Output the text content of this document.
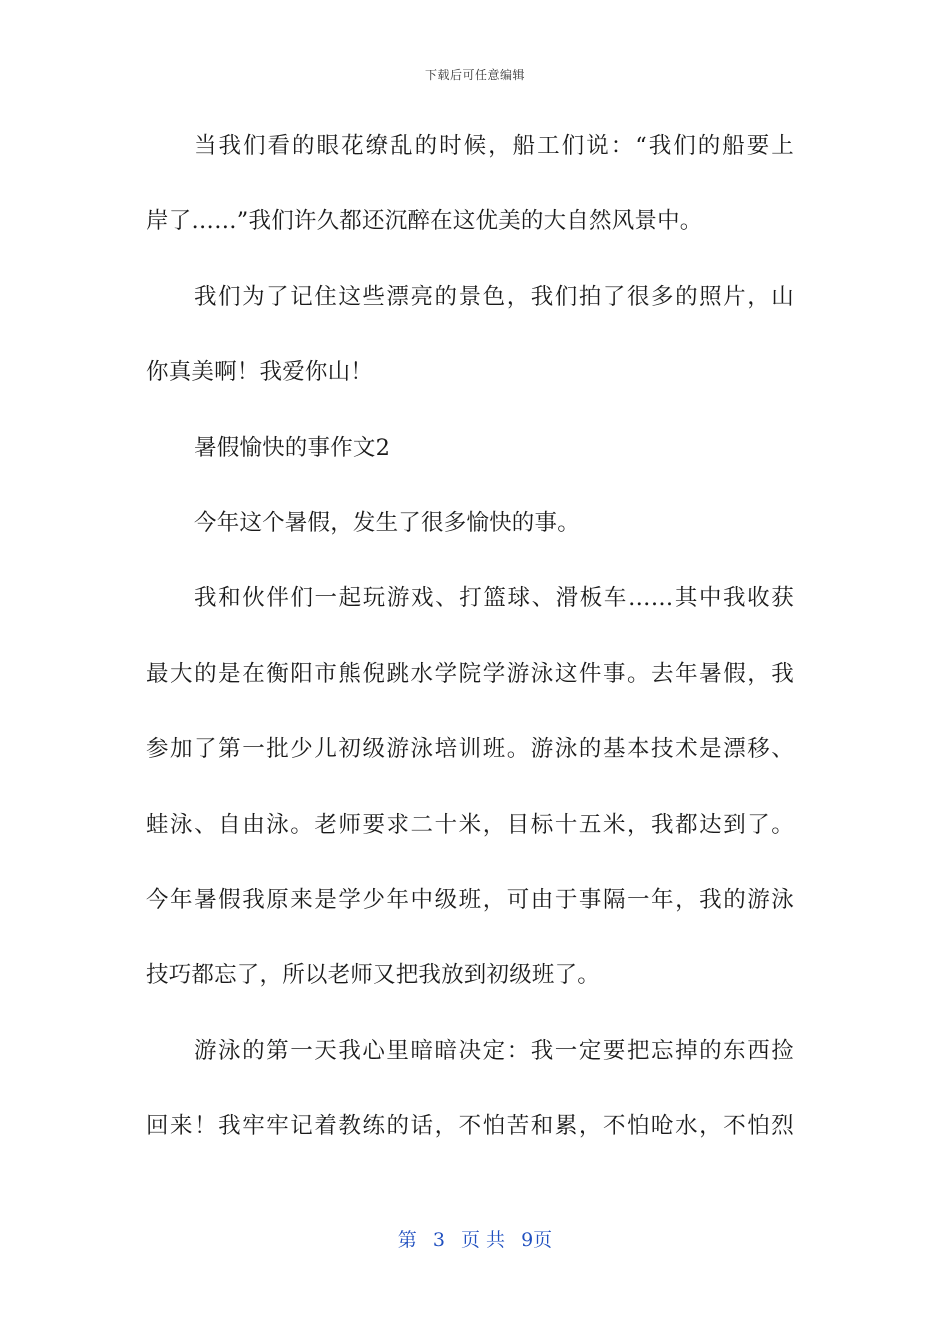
下载后可任意编辑
当我们看的眼花缭乱的时候，船工们说：“我们的船要上
岸了……”我们许久都还沉醉在这优美的大自然风景中。
我们为了记住这些漂亮的景色，我们拍了很多的照片，山
你真美啊！我爱你山！
暑假愉快的事作文2
今年这个暑假，发生了很多愉快的事。
我和伙伴们一起玩游戏、打篮球、滑板车……其中我收获
最大的是在衡阳市熊倪跳水学院学游泳这件事。去年暑假，我
参加了第一批少儿初级游泳培训班。游泳的基本技术是漂移、
蛙泳、自由泳。老师要求二十米，目标十五米，我都达到了。
今年暑假我原来是学少年中级班，可由于事隔一年，我的游泳
技巧都忘了，所以老师又把我放到初级班了。
游泳的第一天我心里暗暗决定：我一定要把忘掉的东西捡
回来！我牢牢记着教练的话，不怕苦和累，不怕呛水，不怕烈
第 3 页 共 9页
